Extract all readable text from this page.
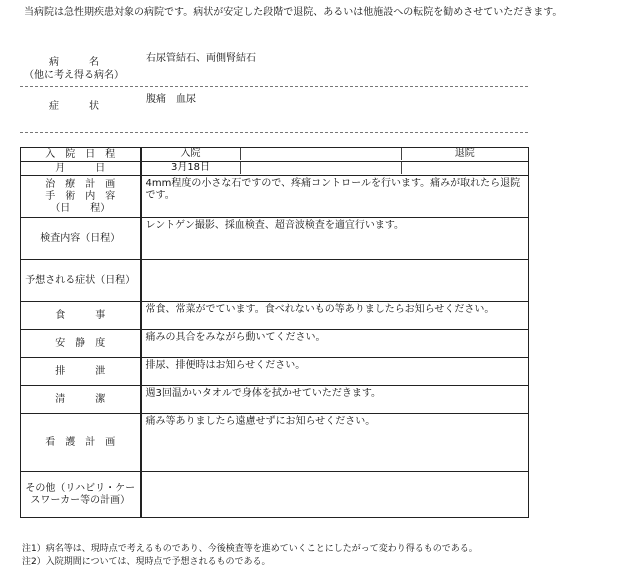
当病院は急性期疾患対象の病院です。病状が安定した段階で退院、あるいは他施設への転院を勧めさせていただきます。
病　　　名
（他に考え得る病名）
右尿管結石、両側腎結石
症　　　状
腹痛　血尿
入　院　日　程	入院 退院

月　　　日	3月18日

治　療　計　画
手　術　内　容
（日　　程）	4mm程度の小さな石ですので、疼痛コントロールを行います。痛みが取れたら退院です。
検査内容（日程）	レントゲン撮影、採血検査、超音波検査を適宜行います。
予想される症状（日程）	
食　　　事	常食、常菜がでています。食べれないもの等ありましたらお知らせください。
安　静　度	痛みの具合をみながら動いてください。
排　　　泄	排尿、排便時はお知らせください。
清　　　潔	週3回温かいタオルで身体を拭かせていただきます。
看　護　計　画	痛み等ありましたら遠慮せずにお知らせください。

その他（リハビリ・ケー
スワーカー等の計画）	

注1）病名等は、現時点で考えるものであり、今後検査等を進めていくことにしたがって変わり得るものである。
注2）入院期間については、現時点で予想されるものである。
